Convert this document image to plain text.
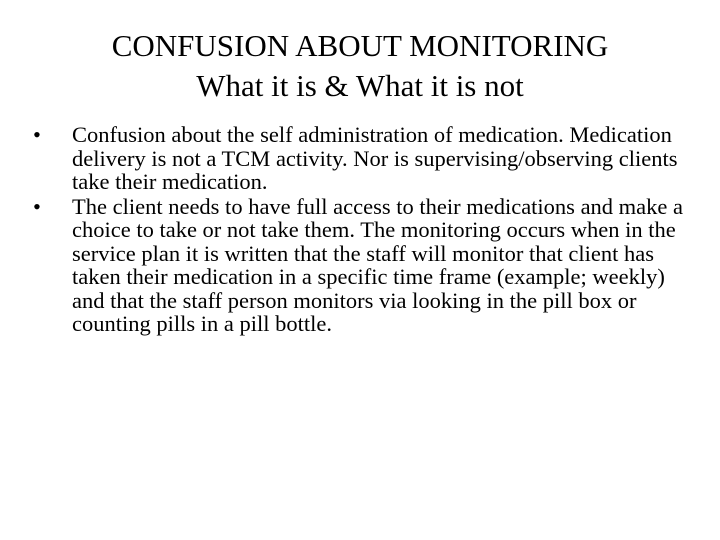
CONFUSION ABOUT MONITORING
What it is & What it is not
• Confusion about the self administration of medication. Medication delivery is not a TCM activity. Nor is supervising/observing clients take their medication.
• The client needs to have full access to their medications and make a choice to take or not take them. The monitoring occurs when in the service plan it is written that the staff will monitor that client has taken their medication in a specific time frame (example; weekly) and that the staff person monitors via looking in the pill box or counting pills in a pill bottle.
